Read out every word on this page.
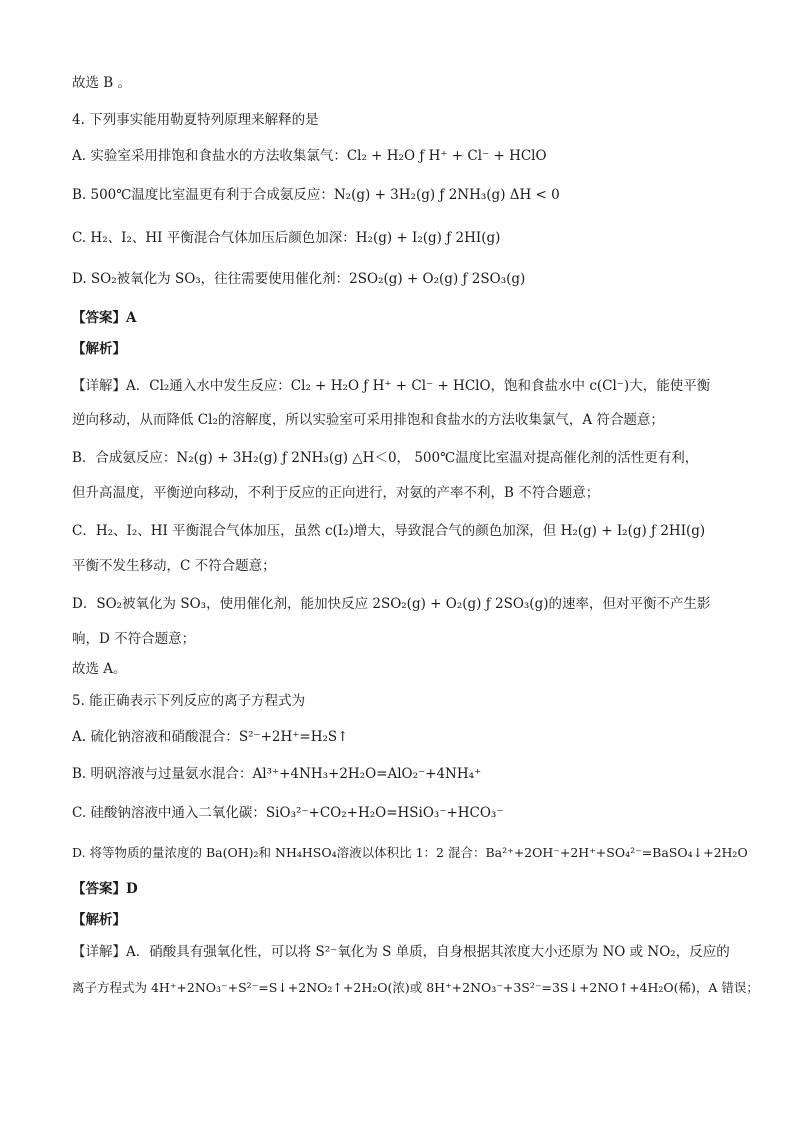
故选 B 。
4. 下列事实能用勒夏特列原理来解释的是
A. 实验室采用排饱和食盐水的方法收集氯气：Cl₂ + H₂O ƒ H⁺ + Cl⁻ + HClO
B. 500℃温度比室温更有利于合成氨反应：N₂(g) + 3H₂(g) ƒ 2NH₃(g) ΔH < 0
C. H₂、I₂、HI 平衡混合气体加压后颜色加深：H₂(g) + I₂(g) ƒ 2HI(g)
D. SO₂被氧化为 SO₃，往往需要使用催化剂：2SO₂(g) + O₂(g) ƒ 2SO₃(g)
【答案】A
【解析】
【详解】A．Cl₂通入水中发生反应：Cl₂ + H₂O ƒ H⁺ + Cl⁻ + HClO，饱和食盐水中 c(Cl⁻)大，能使平衡
逆向移动，从而降低 Cl₂的溶解度，所以实验室可采用排饱和食盐水的方法收集氯气，A 符合题意；
B．合成氨反应：N₂(g) + 3H₂(g) ƒ 2NH₃(g) △H＜0， 500℃温度比室温对提高催化剂的活性更有利，
但升高温度，平衡逆向移动，不利于反应的正向进行，对氨的产率不利，B 不符合题意；
C．H₂、I₂、HI 平衡混合气体加压，虽然 c(I₂)增大，导致混合气的颜色加深，但 H₂(g) + I₂(g) ƒ 2HI(g)
平衡不发生移动，C 不符合题意；
D．SO₂被氧化为 SO₃，使用催化剂，能加快反应 2SO₂(g) + O₂(g) ƒ 2SO₃(g)的速率，但对平衡不产生影
响，D 不符合题意；
故选 A。
5. 能正确表示下列反应的离子方程式为
A. 硫化钠溶液和硝酸混合：S²⁻+2H⁺=H₂S↑
B. 明矾溶液与过量氨水混合：Al³⁺+4NH₃+2H₂O=AlO₂⁻+4NH₄⁺
C. 硅酸钠溶液中通入二氧化碳：SiO₃²⁻+CO₂+H₂O=HSiO₃⁻+HCO₃⁻
D. 将等物质的量浓度的 Ba(OH)₂和 NH₄HSO₄溶液以体积比 1：2 混合：Ba²⁺+2OH⁻+2H⁺+SO₄²⁻=BaSO₄↓+2H₂O
【答案】D
【解析】
【详解】A．硝酸具有强氧化性，可以将 S²⁻氧化为 S 单质，自身根据其浓度大小还原为 NO 或 NO₂，反应的
离子方程式为 4H⁺+2NO₃⁻+S²⁻=S↓+2NO₂↑+2H₂O(浓)或 8H⁺+2NO₃⁻+3S²⁻=3S↓+2NO↑+4H₂O(稀)，A 错误；
